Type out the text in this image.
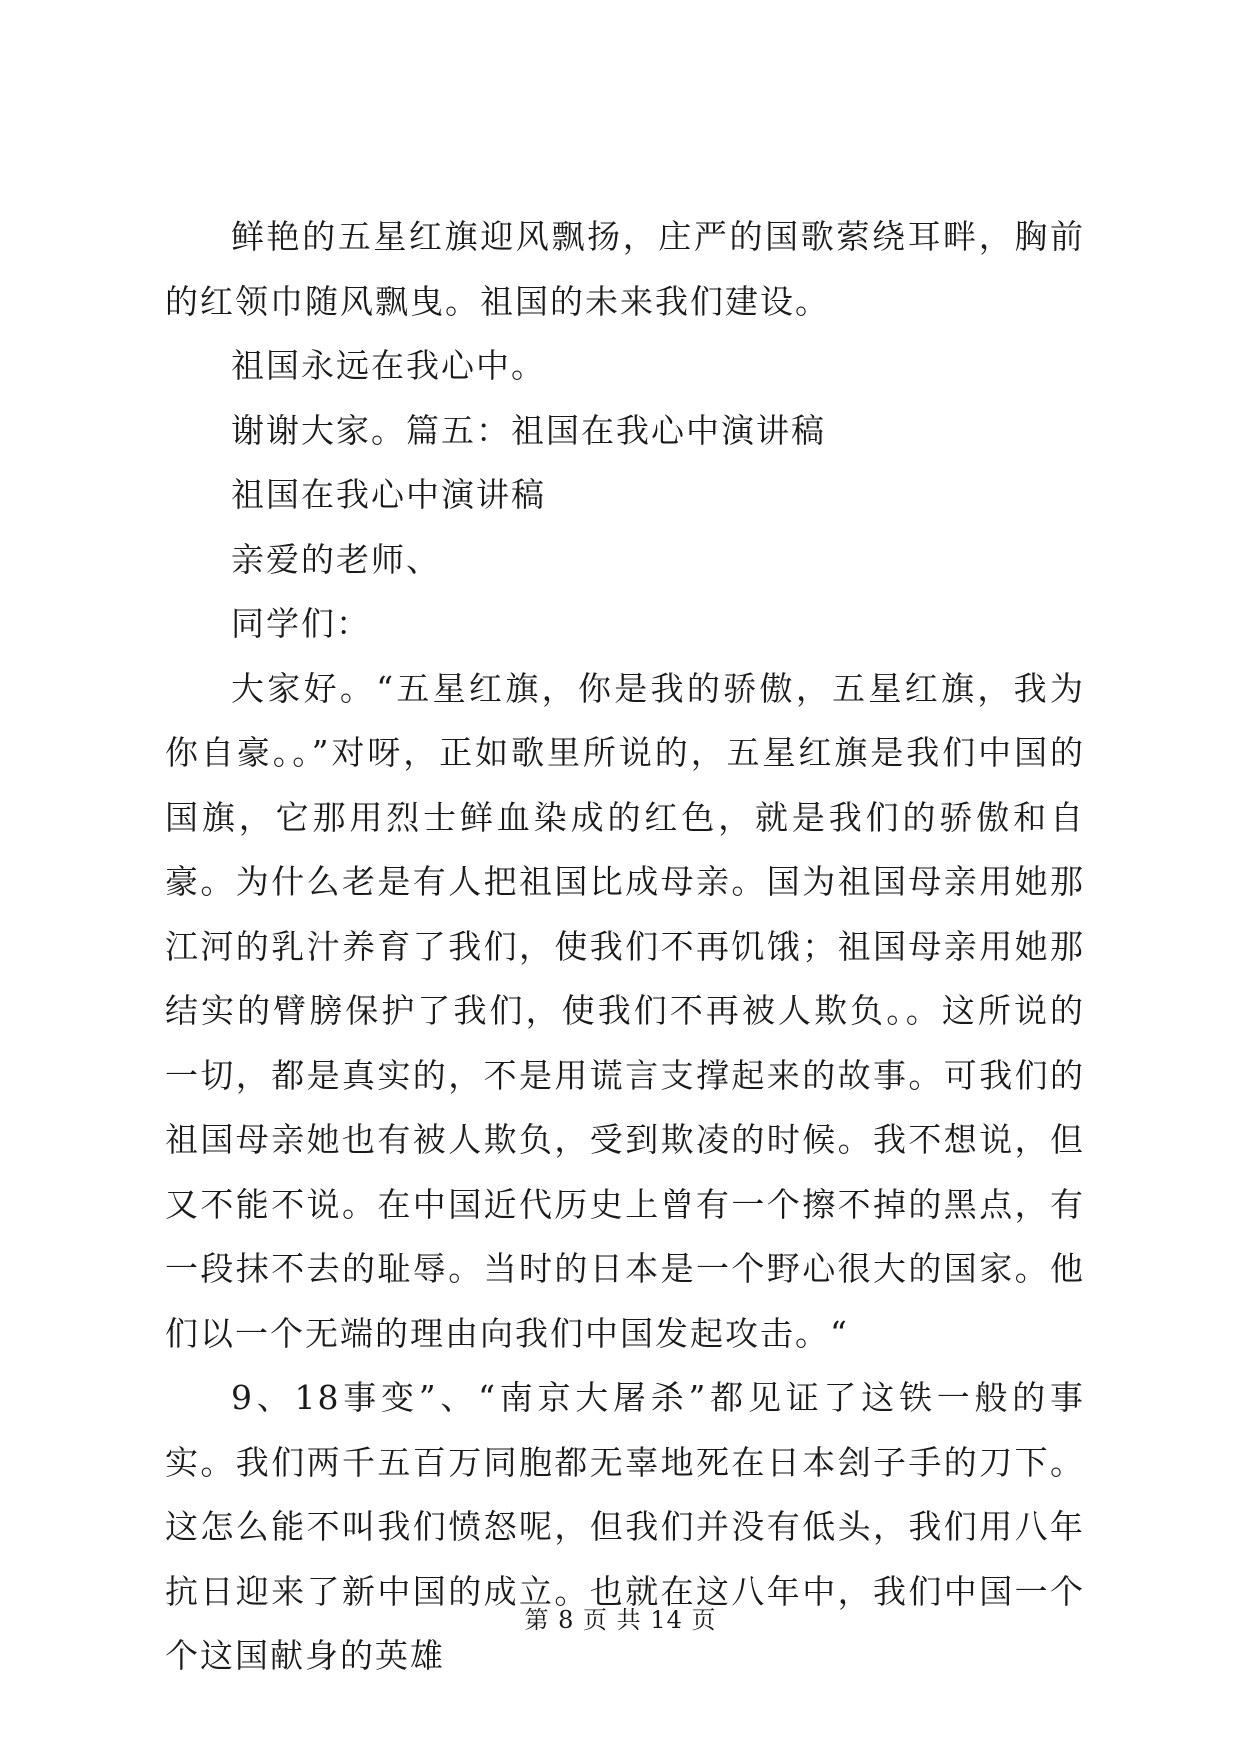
鲜艳的五星红旗迎风飘扬，庄严的国歌萦绕耳畔，胸前的红领巾随风飘曳。祖国的未来我们建设。

祖国永远在我心中。

谢谢大家。篇五：祖国在我心中演讲稿

祖国在我心中演讲稿

亲爱的老师、

同学们：

大家好。“五星红旗，你是我的骄傲，五星红旗，我为你自豪。。”对呀，正如歌里所说的，五星红旗是我们中国的国旗，它那用烈士鲜血染成的红色，就是我们的骄傲和自豪。为什么老是有人把祖国比成母亲。国为祖国母亲用她那江河的乳汁养育了我们，使我们不再饥饿；祖国母亲用她那结实的臂膀保护了我们，使我们不再被人欺负。。这所说的一切，都是真实的，不是用谎言支撑起来的故事。可我们的祖国母亲她也有被人欺负，受到欺凌的时候。我不想说，但又不能不说。在中国近代历史上曾有一个擦不掉的黑点，有一段抹不去的耻辱。当时的日本是一个野心很大的国家。他们以一个无端的理由向我们中国发起攻击。“

9、18事变”、“南京大屠杀”都见证了这铁一般的事实。我们两千五百万同胞都无辜地死在日本刽子手的刀下。这怎么能不叫我们愤怒呢，但我们并没有低头，我们用八年抗日迎来了新中国的成立。也就在这八年中，我们中国一个个这国献身的英雄

第 8 页 共 14 页
